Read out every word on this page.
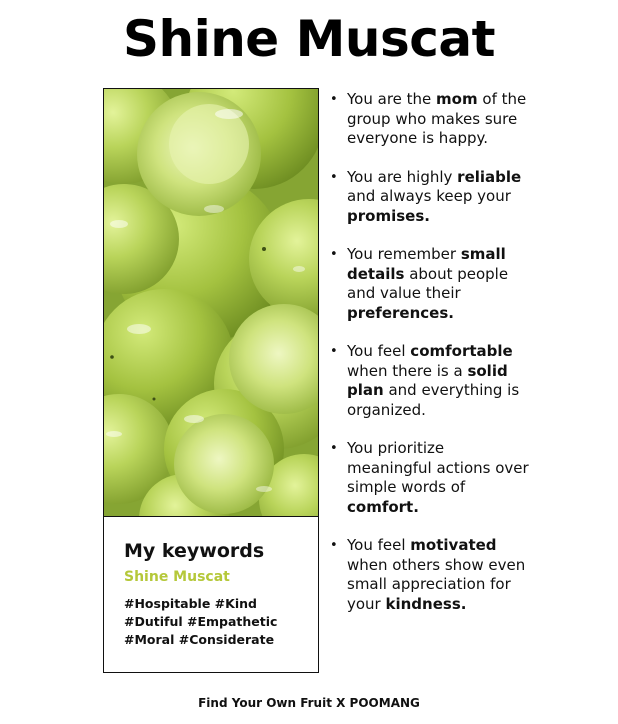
Shine Muscat
My keywords
Shine Muscat
#Hospitable #Kind
#Dutiful #Empathetic
#Moral #Considerate
• You are the mom of the group who makes sure everyone is happy.
• You are highly reliable and always keep your promises.
• You remember small details about people and value their preferences.
• You feel comfortable when there is a solid plan and everything is organized.
• You prioritize meaningful actions over simple words of comfort.
• You feel motivated when others show even small appreciation for your kindness.
Find Your Own Fruit X POOMANG
